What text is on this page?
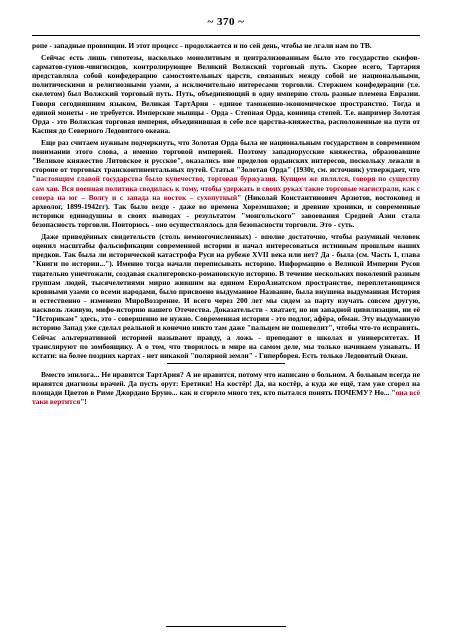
~ 370 ~

ропе - западные провинции. И этот процесс - продолжается и по сей день, чтобы не лгали нам по ТВ.

Сейчас есть лишь гипотезы, насколько монолитным и централизованным было это государство скифов-сарматов-гунов-чингисидов, контролирующее Великий Волжский торговый путь. Скорее всего, Тартария представляла собой конфедерацию самостоятельных царств, связанных между собой не национальными, политическими и религиозными узами, а исключительно интересами торговли. Стержнем конфедерации (т.е. скелетом) был Волжский торговый путь. Путь, объединяющий в одну империю столь разные племена Евразии. Говоря сегодняшним языком, Великая ТартАрия - единое таможенно-экономическое пространство. Тогда и единой монеты - не требуется. Имперские мышцы - Орда - Степная Орда, конница степей. Т.е. например Золотая Орда - это Волжская торговая империя, объединившая в себе все царства-княжества, расположенные на пути от Каспия до Северного Ледовитого океана.

Еще раз считаем нужным подчеркнуть, что Золотая Орда была не национальным государством в современном понимании этого слова, а именно торговой империей. Поэтому западнорусские княжества, образовавшие "Великое княжество Литовское и русское", оказались вне пределов ордынских интересов, поскольку лежали в стороне от торговых трансконтинентальных путей. Статья "Золотая Орда" (1930г, см. источник) утверждает, что "настоящим главой государства было купечество, торговая буржуазия. Купцом же являлся, говоря по существу сам хан. Вся военная политика сводилась к тому, чтобы удержать в своих руках такие торговые магистрали, как с севера на юг – Волгу и с запада на восток – сухопутный" (Николай Константинович Арзютов, востоковед и археолог, 1899-1942гг). Так было везде - даже во времена Хорезмшахов; и древние хроники, и современные историки единодушны в своих выводах - результатом "монгольского" завоевания Средней Азии стала безопасность торговли. Повторюсь - оно осуществлялось для безопасности торговли. Это - суть.

Даже приведённых свидетельств (столь немногочисленных) - вполне достаточно, чтобы разумный человек оценил масштабы фальсификации современной истории и начал интересоваться истинным прошлым наших предков. Так была ли исторической катастрофа Руси на рубеже XVII века или нет? Да - была (см. Часть 1, глава "Книги по истории..."). Именно тогда начали переписывать историю. Информацию о Великой Империи Русов тщательно уничтожали, создавая скалигеровско-романовскую историю. В течение нескольких поколений разным группам людей, тысячелетиями мирно жившим на едином ЕвроАзиатском пространстве, переплетающимся кровными узами со всеми народами, было присвоено выдуманное Название, была внушена выдуманная История и естественно - изменено МироВоззрение. И всего через 200 лет мы сидем за парту изучать совсем другую, насквозь лживую, мифо-историю нашего Отечества. Доказательств - хватает, но ни западной цивилизации, ни её "Историкам" здесь, это - совершенно не нужно. Современная история - это подлог, афёра, обман. Эту выдуманную историю Запад уже сделал реальной и конечно никто там даже "пальцем не пошевелит", чтобы что-то исправить. Сейчас альтернативной историей называют правду, а ложь - преподают в школах и университетах. И транслируют по зомбоящику. А о том, что творилось в мире на самом деле, мы только начинаем узнавать. И кстати: на более поздних картах - нет никакой "полярной земли" - Гиперборея. Есть только Ледовитый Океан.

Вместо эпилога... Не нравится ТартАрия? А не нравится, потому что написано о больном. А больным всегда не нравятся диагнозы врачей. Да пусть орут: Еретики! На костёр! Да, на костёр, а куда же ещё, там уже сгорел на площади Цветов в Риме Джордано Бруно... как и сгорело много тех, кто пытался понять ПОЧЕМУ? Но... "она всё таки вертится"!
